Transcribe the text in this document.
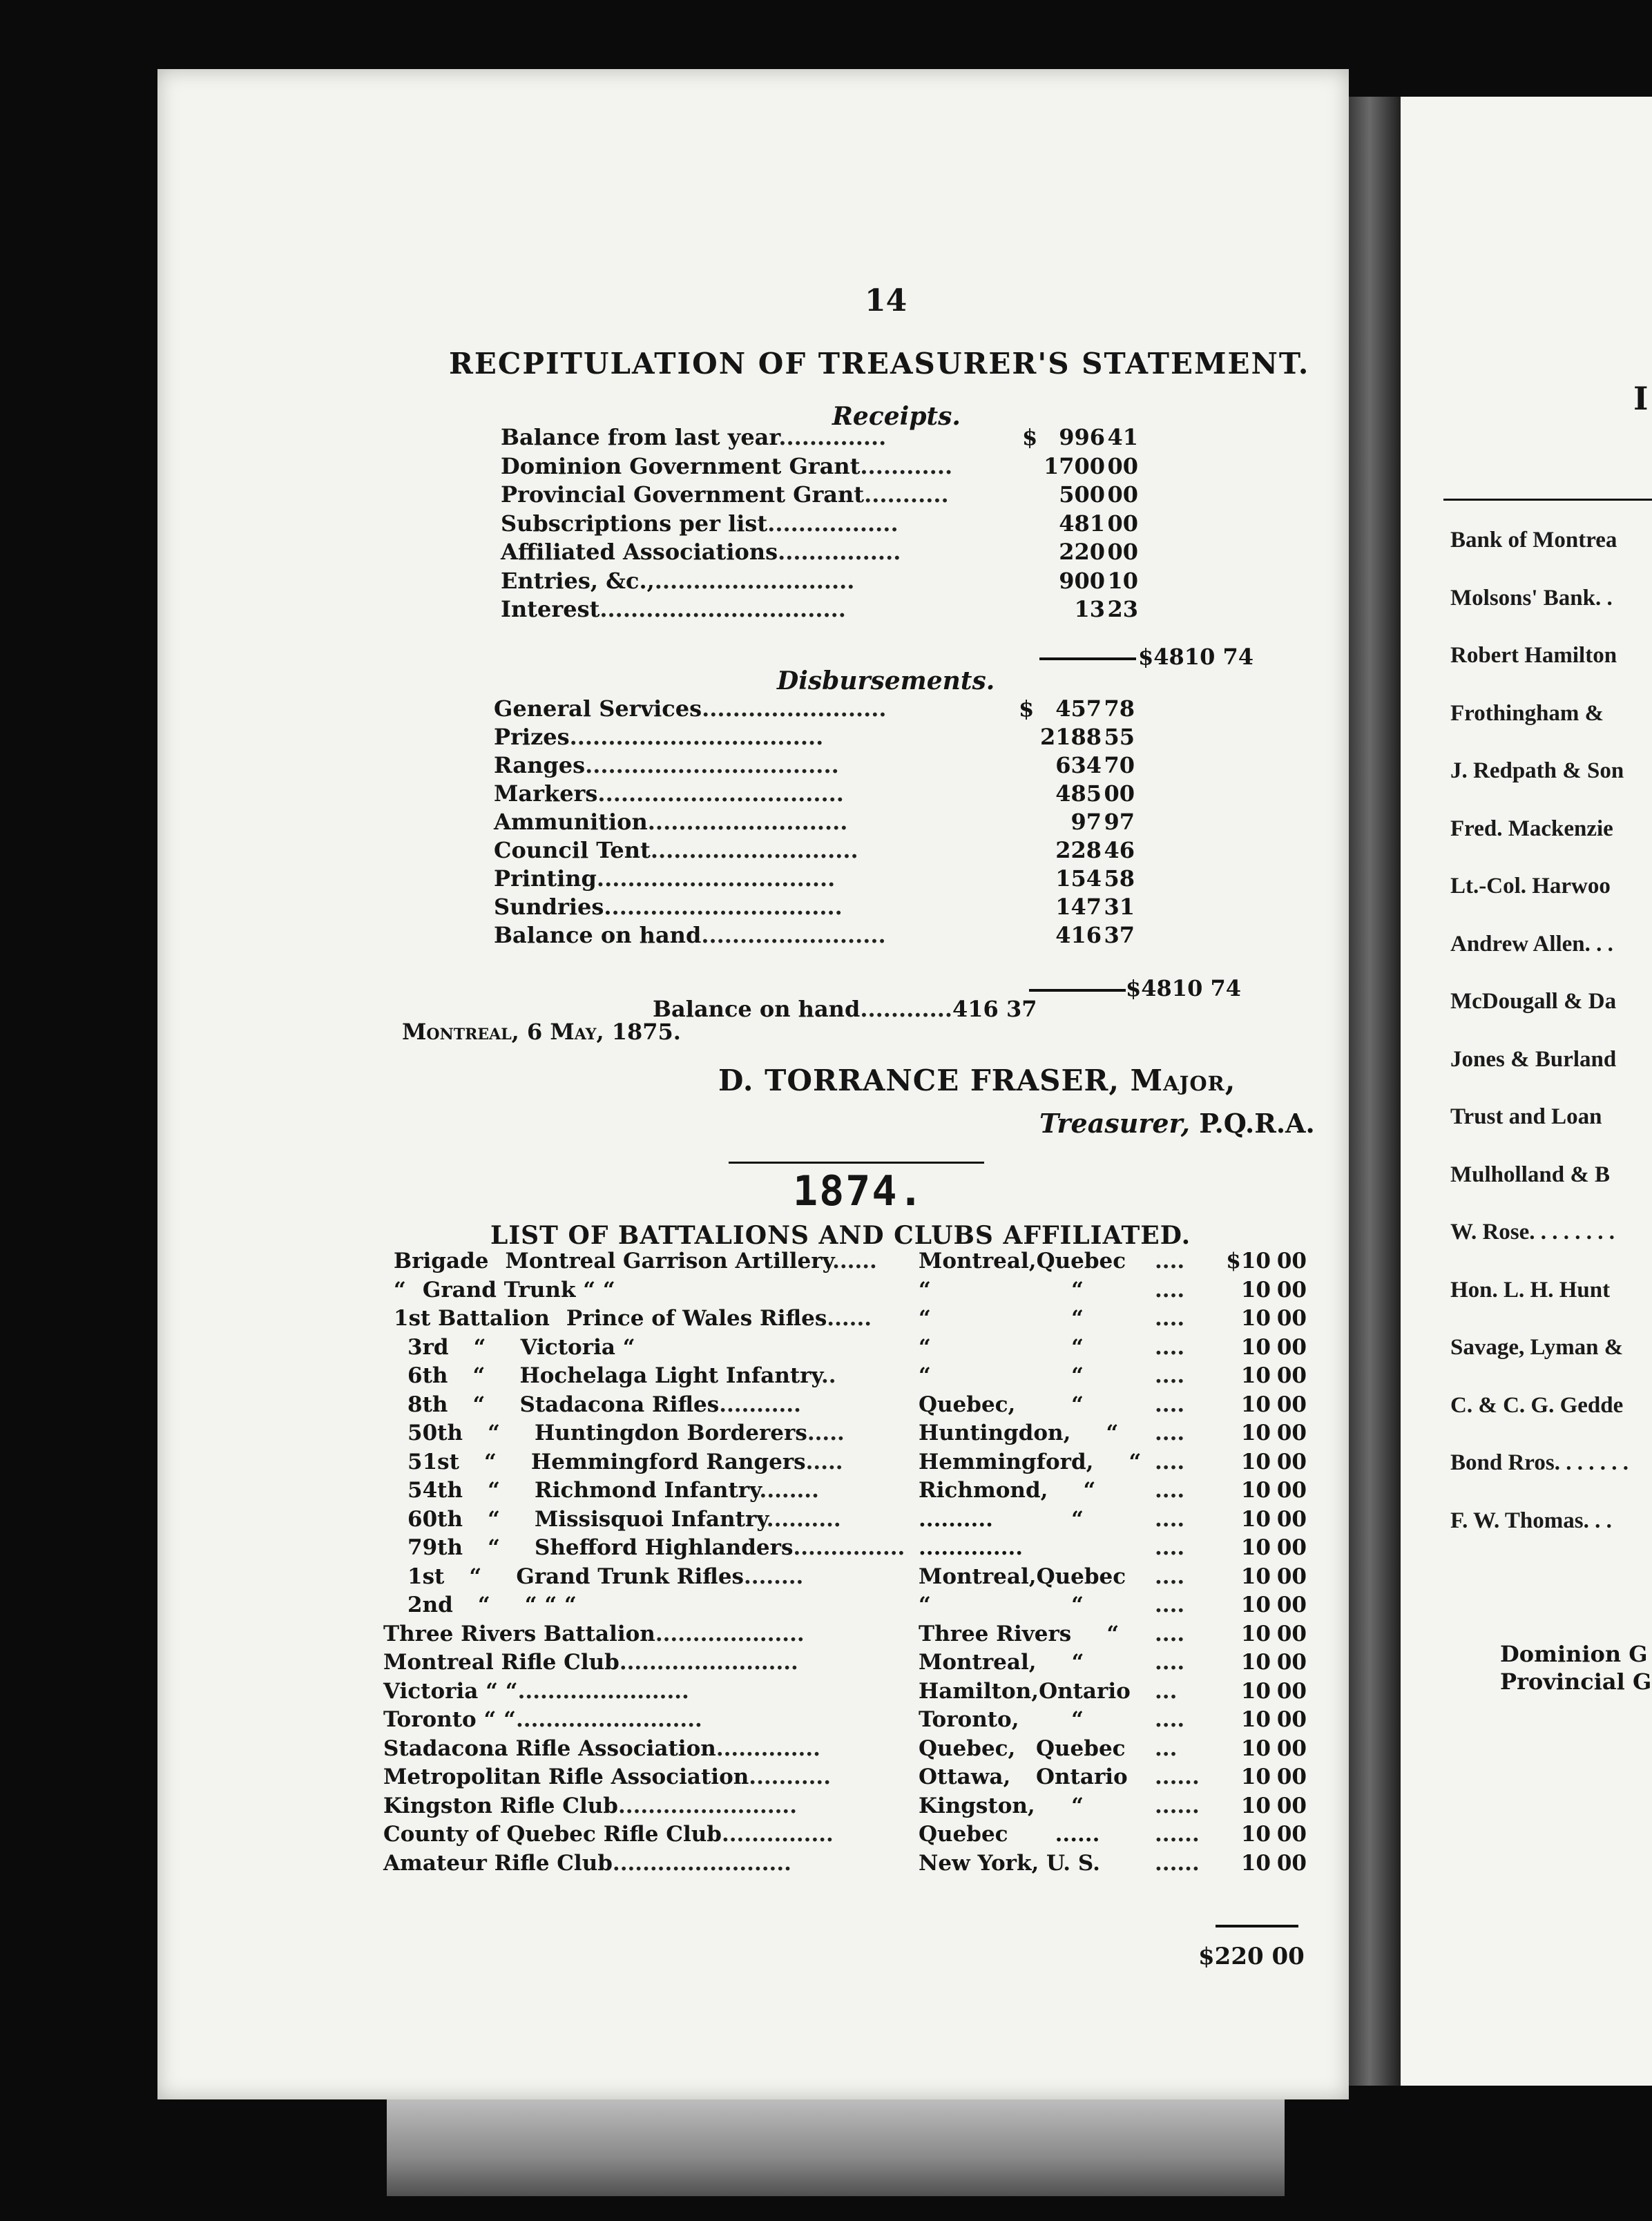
14
RECPITULATION OF TREASURER'S STATEMENT.
Receipts.
Balance from last year..............	$ 996 41
Dominion Government Grant............	1700 00
Provincial Government Grant...........	500 00
Subscriptions per list.................	481 00
Affiliated Associations................	220 00
Entries, &c.,..........................	900 10
Interest................................	13 23
$4810 74
Disbursements.
General Services........................	$ 457 78
Prizes.................................	2188 55
Ranges.................................	634 70
Markers................................	485 00
Ammunition..........................	97 97
Council Tent...........................	228 46
Printing...............................	154 58
Sundries...............................	147 31
Balance on hand........................	416 37
$4810 74
Balance on hand............416 37
Montreal, 6 May, 1875.
D. TORRANCE FRASER, Major,
Treasurer, P.Q.R.A.
1874.
LIST OF BATTALIONS AND CLUBS AFFILIATED.
Brigade Montreal Garrison Artillery...... Montreal,Quebec ....	$10 00
“ Grand Trunk “ “	“	“	....	10 00
1st Battalion Prince of Wales Rifles...... “	“	....	10 00
3rd “ Victoria “	“	“	....	10 00
6th “ Hochelaga Light Infantry..	“	“	....	10 00
8th “ Stadacona Rifles...........	Quebec,	“	....	10 00
50th “ Huntingdon Borderers.....	Huntingdon, “	....	10 00
51st “ Hemmingford Rangers.....	Hemmingford, “ ....	10 00
54th “ Richmond Infantry........	Richmond, “	....	10 00
60th “ Missisquoi Infantry..........	..........	“	....	10 00
79th “ Shefford Highlanders............... ..............	....	10 00
1st “ Grand Trunk Rifles........	Montreal,Quebec ....	10 00
2nd “ “ “ “	“	“	....	10 00
Three Rivers Battalion....................	Three Rivers “	....	10 00
Montreal Rifle Club........................	Montreal, “	....	10 00
Victoria “ “.......................	Hamilton,Ontario ...	10 00
Toronto “ “.........................	Toronto, “	....	10 00
Stadacona Rifle Association..............	Quebec, Quebec ...	10 00
Metropolitan Rifle Association...........	Ottawa, Ontario ......	10 00
Kingston Rifle Club........................	Kingston, “	......	10 00
County of Quebec Rifle Club...............	Quebec ......	......	10 00
Amateur Rifle Club........................	New York, U. S.	......	10 00
$220 00
I
Bank of Montrea
Molsons' Bank. .
Robert Hamilton
Frothingham &
J. Redpath & Son
Fred. Mackenzie
Lt.-Col. Harwoo
Andrew Allen. . .
McDougall & Da
Jones & Burland
Trust and Loan
Mulholland & B
W. Rose. . . . . . . .
Hon. L. H. Hunt
Savage, Lyman &
C. & C. G. Gedde
Bond Rros. . . . . . .
F. W. Thomas. . .
Dominion G
Provincial G
